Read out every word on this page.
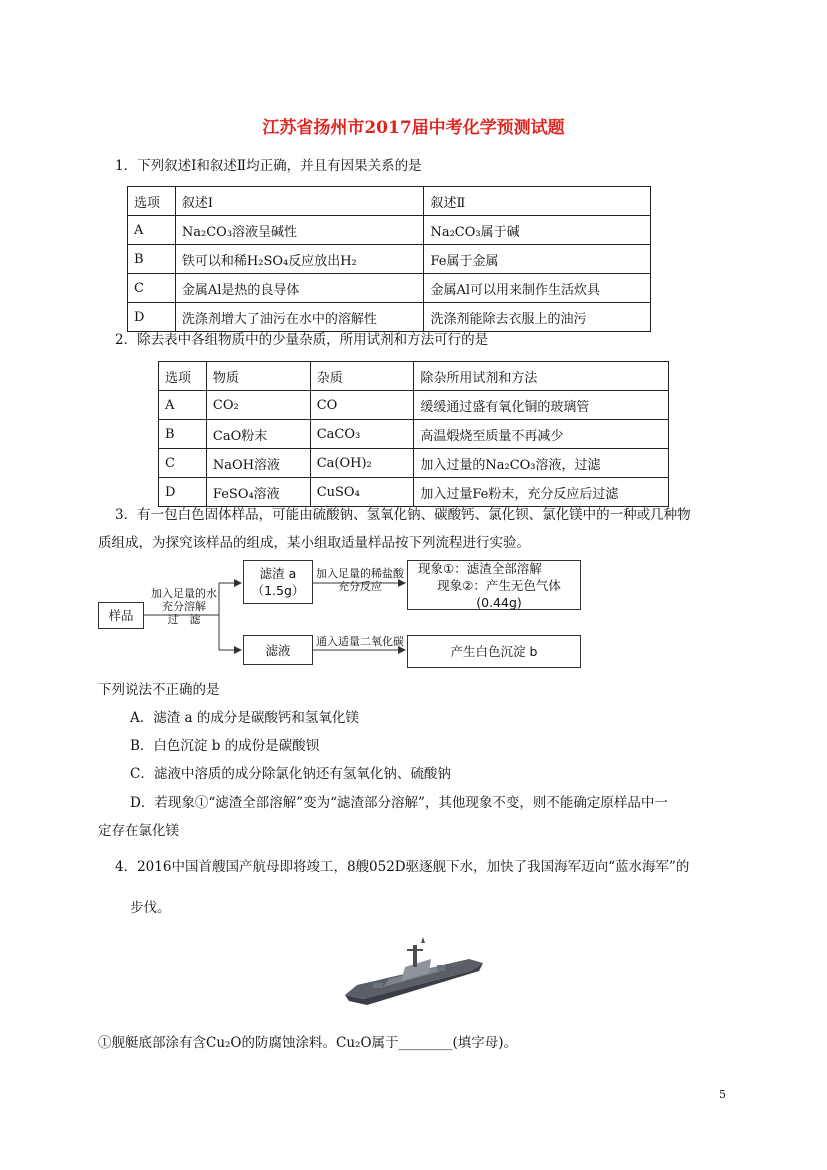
江苏省扬州市2017届中考化学预测试题
1．下列叙述Ⅰ和叙述Ⅱ均正确，并且有因果关系的是
选项	叙述Ⅰ	叙述Ⅱ
A	Na₂CO₃溶液呈碱性	Na₂CO₃属于碱
B	铁可以和稀H₂SO₄反应放出H₂	Fe属于金属
C	金属Al是热的良导体	金属Al可以用来制作生活炊具
D	洗涤剂增大了油污在水中的溶解性	洗涤剂能除去衣服上的油污
2．除去表中各组物质中的少量杂质，所用试剂和方法可行的是
选项	物质	杂质	除杂所用试剂和方法
A	CO₂	CO	缓缓通过盛有氧化铜的玻璃管
B	CaO粉末	CaCO₃	高温煅烧至质量不再减少
C	NaOH溶液	Ca(OH)₂	加入过量的Na₂CO₃溶液，过滤
D	FeSO₄溶液	CuSO₄	加入过量Fe粉末，充分反应后过滤
3．有一包白色固体样品，可能由硫酸钠、氢氧化钠、碳酸钙、氯化钡、氯化镁中的一种或几种物
质组成，为探究该样品的组成，某小组取适量样品按下列流程进行实验。
样品
加入足量的水
充分溶解
过　滤
滤渣 a
（1.5g）
加入足量的稀盐酸
充分反应
现象①：滤渣全部溶解
现象②：产生无色气体(0.44g)
滤液
通入适量二氧化碳
产生白色沉淀 b
下列说法不正确的是
A．滤渣 a 的成分是碳酸钙和氢氧化镁
B．白色沉淀 b 的成份是碳酸钡
C．滤液中溶质的成分除氯化钠还有氢氧化钠、硫酸钠
D．若现象①“滤渣全部溶解”变为“滤渣部分溶解”，其他现象不变，则不能确定原样品中一
定存在氯化镁
4．2016中国首艘国产航母即将竣工，8艘052D驱逐舰下水，加快了我国海军迈向“蓝水海军”的
步伐。
①舰艇底部涂有含Cu₂O的防腐蚀涂料。Cu₂O属于________(填字母)。
5
